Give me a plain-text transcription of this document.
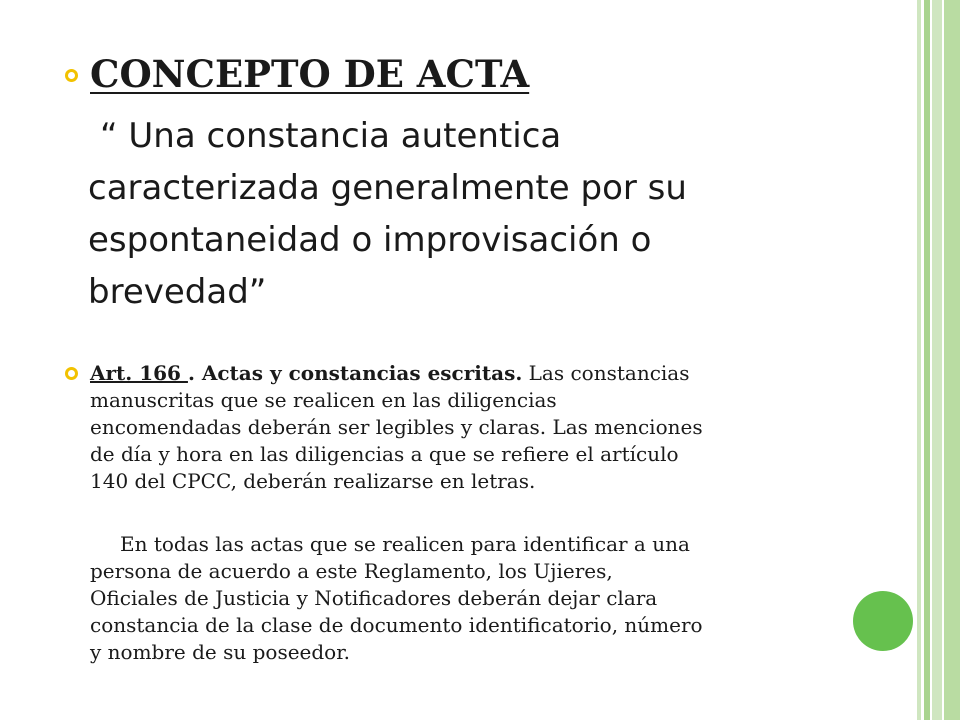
CONCEPTO DE ACTA
“ Una constancia autentica
caracterizada generalmente por su
espontaneidad o improvisación o
brevedad”
Art. 166 . Actas y constancias escritas. Las constancias
manuscritas que se realicen en las diligencias
encomendadas deberán ser legibles y claras. Las menciones
de día y hora en las diligencias a que se refiere el artículo
140 del CPCC, deberán realizarse en letras.
En todas las actas que se realicen para identificar a una
persona de acuerdo a este Reglamento, los Ujieres,
Oficiales de Justicia y Notificadores deberán dejar clara
constancia de la clase de documento identificatorio, número
y nombre de su poseedor.
